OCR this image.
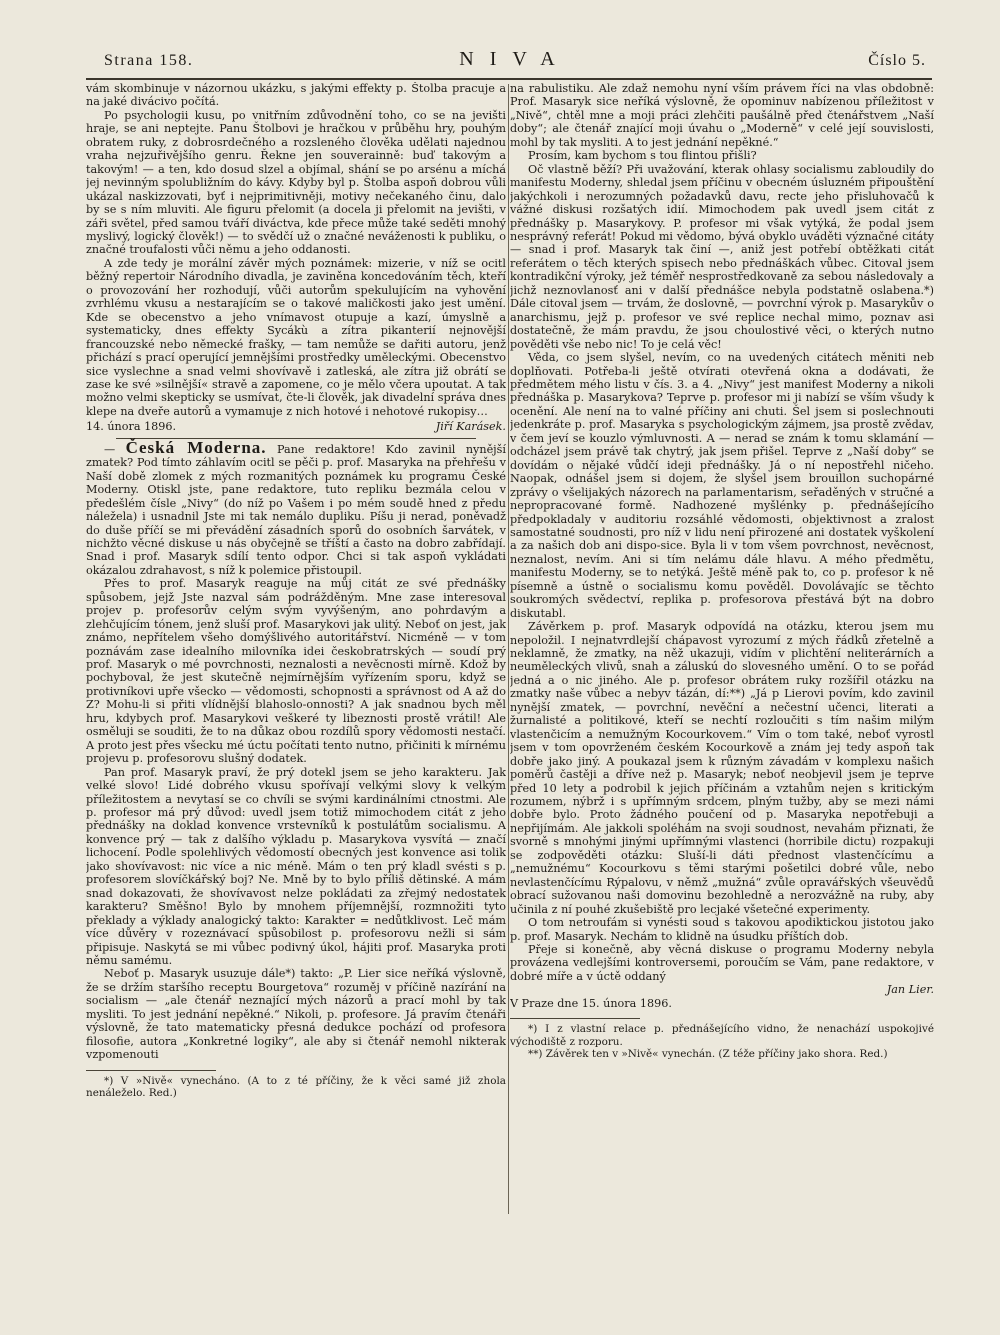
Strana 158.	NIVA	Číslo 5.

vám skombinuje v názornou ukázku, s jakými effekty p. Štolba pracuje a na jaké divácivo počítá.

Po psychologii kusu, po vnitřním zdůvodnění toho, co se na jevišti hraje, se ani neptejte. Panu Štolbovi je hračkou v průběhu hry, pouhým obratem ruky, z dobrosrdečného a rozsleného člověka udělati najednou vraha nejzuřivějšího genru. Řekne jen souverainně: buď takovým a takovým! — a ten, kdo dosud slzel a objímal, shání se po arsénu a míchá jej nevinným spolubližním do kávy. Kdyby byl p. Štolba aspoň dobrou vůli ukázal naskizzovati, byť i nejprimitivněji, motivy nečekaného činu, dalo by se s ním mluviti. Ale figuru přelomit (a docela ji přelomit na jevišti, v záři světel, před samou tváří diváctva, kde přece může také seděti mnohý myslivý, logický člověk!) — to svědčí už o značné neváženosti k publiku, o značné troufalosti vůči němu a jeho oddanosti.

A zde tedy je morální závěr mých poznámek: mizerie, v níž se ocitl běžný repertoir Národního divadla, je zaviněna koncedováním těch, kteří o provozování her rozhodují, vůči autorům spekulujícím na vyhovění zvrhlému vkusu a nestarajícím se o takové maličkosti jako jest umění. Kde se obecenstvo a jeho vnímavost otupuje a kazí, úmyslně a systematicky, dnes effekty Sycákù a zítra pikanterií nejnovější francouzské nebo německé frašky, — tam nemůže se dařiti autoru, jenž přichází s prací operující jemnějšími prostředky uměleckými. Obecenstvo sice vyslechne a snad velmi shovívavě i zatleská, ale zítra již obrátí se zase ke své »silnější« stravě a zapomene, co je mělo včera upoutat. A tak možno velmi skepticky se usmívat, čte-li člověk, jak divadelní správa dnes klepe na dveře autorů a vymamuje z nich hotové i nehotové rukopisy…

14. února 1896.	Jiří Karásek.

— Česká Moderna. Pane redaktore! Kdo zavinil nynější zmatek? Pod tímto záhlavím ocitl se pěči p. prof. Masaryka na přehřešu v Naší době zlomek z mých rozmanitých poznámek ku programu České Moderny. Otiskl jste, pane redaktore, tuto repliku bezmála celou v předešlém čísle „Nivy“ (do níž po Vašem i po mém soudě hned z předu náležela) i usnadnil Jste mi tak nemálo dupliku. Píšu ji nerad, poněvadž do duše příčí se mi převádění zásadních sporů do osobních šarvátek, v nichžto věcné diskuse u nás obyčejně se tříští a často na dobro zabřídají. Snad i prof. Masaryk sdílí tento odpor. Chci si tak aspoň vykládati okázalou zdrahavost, s níž k polemice přistoupil.

Přes to prof. Masaryk reaguje na můj citát ze své přednášky spůsobem, jejž Jste nazval sám podrážděným. Mne zase interesoval projev p. profesorův celým svým vyvýšeným, ano pohrdavým a zlehčujícím tónem, jenž sluší prof. Masarykovi jak ulitý. Neboť on jest, jak známo, nepřítelem všeho domýšlivého autoritářství. Nicméně — v tom poznávám zase idealního milovníka idei českobratrských — soudí prý prof. Masaryk o mé povrchnosti, neznalosti a nevěcnosti mírně. Kdož by pochyboval, že jest skutečně nejmírnějším vyřízením sporu, když se protivníkovi upře všecko — vědomosti, schopnosti a správnost od A až do Z? Mohu-li si přiti vlídnější blahoslo-onnosti? A jak snadnou bych měl hru, kdybych prof. Masarykovi veškeré ty libeznosti prostě vrátil! Ale osměluji se souditi, že to na důkaz obou rozdílů spory vědomosti nestačí. A proto jest přes všecku mé úctu počítati tento nutno, přičiniti k mírnému projevu p. profesorovu slušný dodatek.

Pan prof. Masaryk praví, že prý dotekl jsem se jeho karakteru. Jak velké slovo! Lidé dobrého vkusu spořívají velkými slovy k velkým příležitostem a nevytasí se co chvíli se svými kardinálními ctnostmi. Ale p. profesor má prý důvod: uvedl jsem totiž mimochodem citát z jeho přednášky na doklad konvence vrstevníků k postulátům socialismu. A konvence prý — tak z dalšího výkladu p. Masarykova vysvítá — značí lichocení. Podle spolehlivých vědomostí obecných jest konvence asi tolik jako shovívavost: nic více a nic méně. Mám o ten prý kladl svésti s p. profesorem slovíčkářský boj? Ne. Mně by to bylo příliš dětinské. A mám snad dokazovati, že shovívavost nelze pokládati za zřejmý nedostatek karakteru? Směšno! Bylo by mnohem příjemnější, rozmnožiti tyto překlady a výklady analogický takto: Karakter = nedůtklivost. Leč mám více důvěry v rozeznávací spůsobilost p. profesorovu nežli si sám připisuje. Naskytá se mi vůbec podivný úkol, hájiti prof. Masaryka proti němu samému.

Neboť p. Masaryk usuzuje dále*) takto: „P. Lier sice neříká výslovně, že se držím staršího receptu Bourgetova“ rozuměj v příčině nazírání na socialism — „ale čtenář neznající mých názorů a prací mohl by tak mysliti. To jest jednání nepěkné.“ Nikoli, p. profesore. Já pravím čtenáři výslovně, že tato matematicky přesná dedukce pochází od profesora filosofie, autora „Konkretné logiky“, ale aby si čtenář nemohl nikterak vzpomenouti

*) V »Nivě« vynecháno. (A to z té příčiny, že k věci samé již zhola nenáleželo. Red.)

na rabulistiku. Ale zdaž nemohu nyní vším právem říci na vlas obdobně: Prof. Masaryk sice neříká výslovně, že opominuv nabízenou příležitost v „Nivě“, chtěl mne a moji práci zlehčiti paušálně před čtenářstvem „Naší doby“; ale čtenář znající moji úvahu o „Moderně“ v celé její souvislosti, mohl by tak mysliti. A to jest jednání nepěkné.“

Prosím, kam bychom s tou flintou přišli?

Oč vlastně běží? Při uvažování, kterak ohlasy socialismu zabloudily do manifestu Moderny, shledal jsem příčinu v obecném úsluzném připouštění jakýchkoli i nerozumných požadavků davu, recte jeho přisluhovačů k vážné diskusi rozšatých idií. Mimochodem pak uvedl jsem citát z přednášky p. Masarykovy. P. profesor mi však vytýká, že podal jsem nesprávný referát! Pokud mi vědomo, bývá obyklo uváděti význačné citáty — snad i prof. Masaryk tak činí —, aniž jest potřebí obtěžkati citát referátem o těch kterých spisech nebo přednáškách vůbec. Citoval jsem kontradikční výroky, jež téměř nesprostředkovaně za sebou následovaly a jichž neznovlanosť ani v další přednášce nebyla podstatně oslabena.*) Dále citoval jsem — trvám, že doslovně, — povrchní výrok p. Masarykův o anarchismu, jejž p. profesor ve své replice nechal mimo, poznav asi dostatečně, že mám pravdu, že jsou choulostivé věci, o kterých nutno pověděti vše nebo nic! To je celá věc!

Věda, co jsem slyšel, nevím, co na uvedených citátech měniti neb doplňovati. Potřeba-li ještě otvírati otevřená okna a dodávati, že předmětem mého listu v čís. 3. a 4. „Nivy“ jest manifest Moderny a nikoli přednáška p. Masarykova? Teprve p. profesor mi ji nabízí se vším všudy k ocenění. Ale není na to valné příčiny ani chuti. Šel jsem si poslechnouti jedenkráte p. prof. Masaryka s psychologickým zájmem, jsa prostě zvědav, v čem jeví se kouzlo výmluvnosti. A — nerad se znám k tomu sklamání — odcházel jsem právě tak chytrý, jak jsem přišel. Teprve z „Naší doby“ se dovídám o nějaké vůdčí ideji přednášky. Já o ní nepostřehl ničeho. Naopak, odnášel jsem si dojem, že slyšel jsem brouillon suchopárné zprávy o všelijakých názorech na parlamentarism, seřaděných v stručné a nepropracované formě. Nadhozené myšlénky p. přednášejícího předpokladaly v auditoriu rozsáhlé vědomosti, objektivnost a zralost samostatné soudnosti, pro níž v lidu není přirozené ani dostatek vyškolení a za našich dob ani dispo-sice. Byla li v tom všem povrchnost, nevěcnost, neznalost, nevím. Ani si tím nelámu dále hlavu. A mého předmětu, manifestu Moderny, se to netýká. Ještě méně pak to, co p. profesor k ně písemně a ústně o socialismu komu pověděl. Dovolávajíc se těchto soukromých svědectví, replika p. profesorova přestává být na dobro diskutabl.

Závěrkem p. prof. Masaryk odpovídá na otázku, kterou jsem mu nepoložil. I nejnatvrdlejší chápavost vyrozumí z mých řádků zřetelně a neklamně, že zmatky, na něž ukazuji, vidím v plichtění neliterárních a neuměleckých vlivů, snah a záluskú do slovesného umění. O to se pořád jedná a o nic jiného. Ale p. profesor obrátem ruky rozšířil otázku na zmatky naše vůbec a nebyv tázán, dí:**) „Já p Lierovi povím, kdo zavinil nynější zmatek, — povrchní, nevěční a nečestní učenci, literati a žurnalisté a politikové, kteří se nechtí rozloučiti s tím našim milým vlastenčicím a nemužným Kocourkovem.“ Vím o tom také, neboť vyrostl jsem v tom opovrženém českém Kocourkově a znám jej tedy aspoň tak dobře jako jiný. A poukazal jsem k různým závadám v komplexu našich poměrů častěji a dříve než p. Masaryk; neboť neobjevil jsem je teprve před 10 lety a podrobil k jejich příčinám a vztahům nejen s kritickým rozumem, nýbrž i s upřímným srdcem, plným tužby, aby se mezi námi dobře bylo. Proto žádného poučení od p. Masaryka nepotřebuji a nepřijímám. Ale jakkoli spoléhám na svoji soudnost, nevahám přiznati, že svorně s mnohými jinými upřímnými vlastenci (horribile dictu) rozpakuji se zodpověděti otázku: Sluší-li dáti přednost vlastenčícímu a „nemužnému“ Kocourkovu s těmi starými pošetilci dobré vůle, nebo nevlastenčícímu Rýpalovu, v němž „mužná“ zvůle opravářských všeuvědů obrací sužovanou naši domovinu bezohledně a nerozvážně na ruby, aby učinila z ní pouhé zkušebiště pro lecjaké všetečné experimenty.

O tom netroufám si vynésti soud s takovou apodiktickou jistotou jako p. prof. Masaryk. Nechám to klidně na úsudku příštích dob.

Přeje si konečně, aby věcná diskuse o programu Moderny nebyla provázena vedlejšími kontroversemi, poroučím se Vám, pane redaktore, v dobré míře a v úctě oddaný

Jan Lier.

V Praze dne 15. února 1896.

*) I z vlastní relace p. přednášejícího vidno, že nenachází uspokojivé východiště z rozporu.

**) Závěrek ten v »Nivě« vynechán. (Z téže příčiny jako shora. Red.)
